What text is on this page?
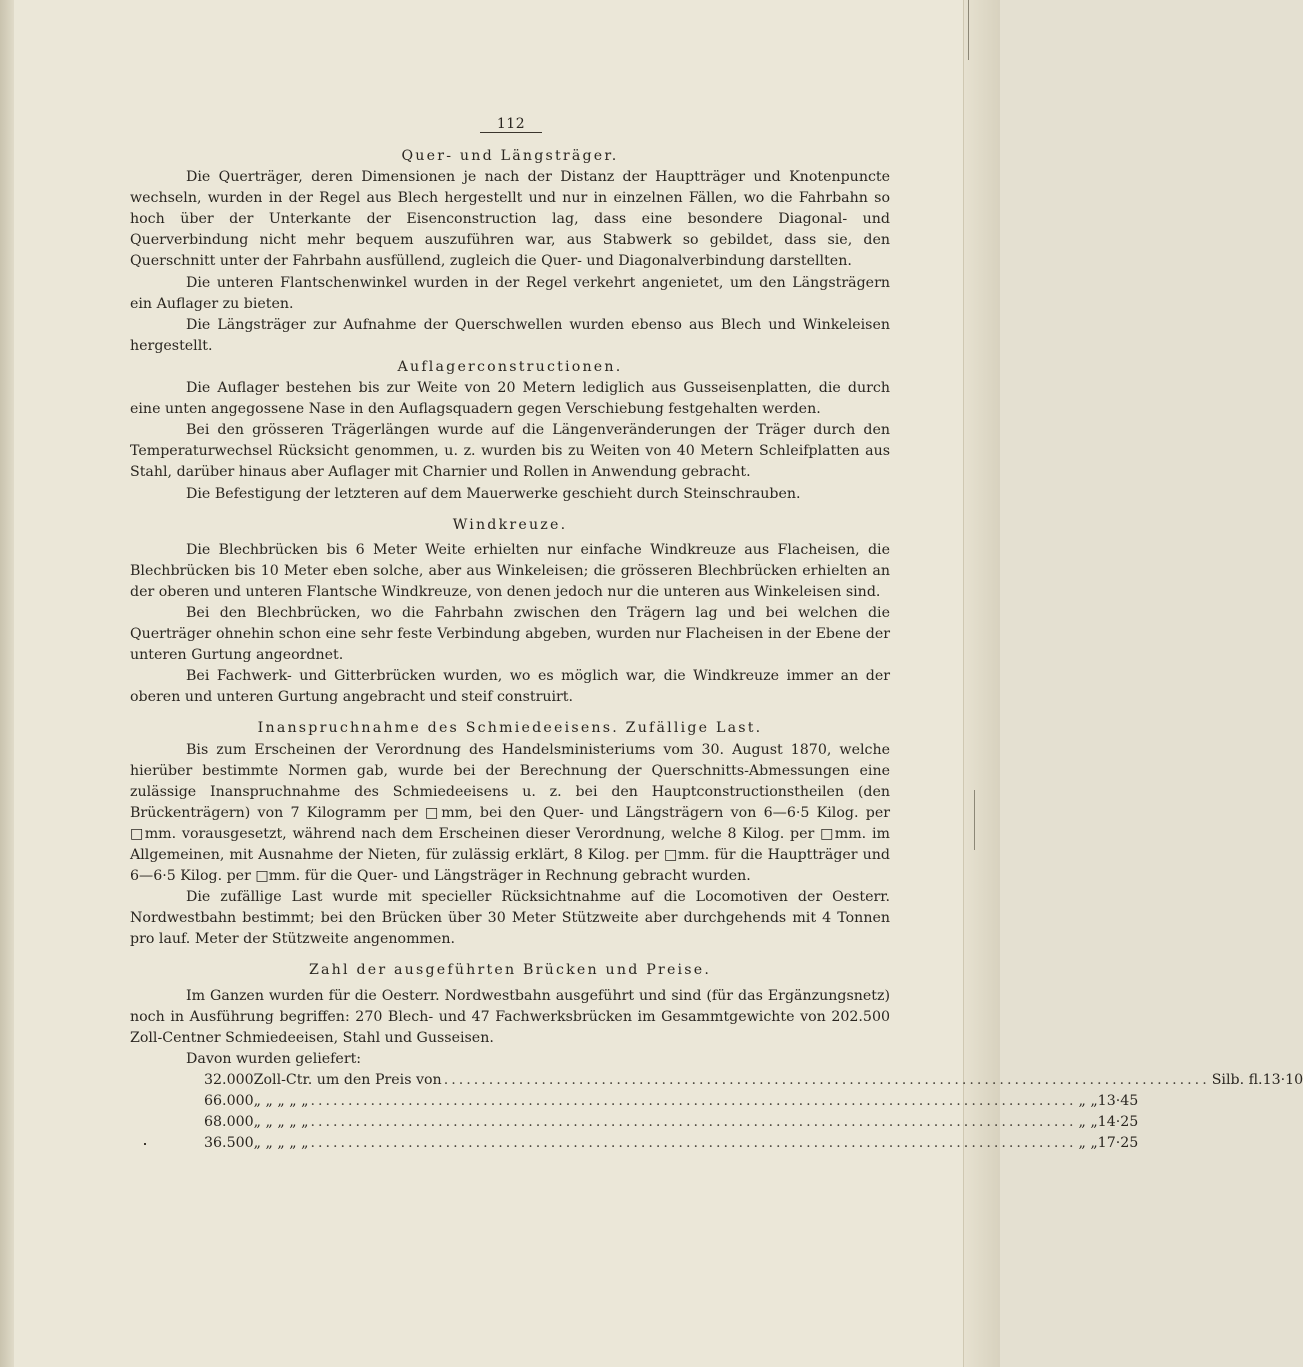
112
Quer- und Längsträger.

Die Querträger, deren Dimensionen je nach der Distanz der Hauptträger und Knotenpuncte wechseln, wurden in der Regel aus Blech hergestellt und nur in einzelnen Fällen, wo die Fahrbahn so hoch über der Unterkante der Eisenconstruction lag, dass eine besondere Diagonal- und Querverbindung nicht mehr bequem auszuführen war, aus Stabwerk so gebildet, dass sie, den Querschnitt unter der Fahrbahn ausfüllend, zugleich die Quer- und Diagonalverbindung darstellten.

Die unteren Flantschenwinkel wurden in der Regel verkehrt angenietet, um den Längsträgern ein Auflager zu bieten.

Die Längsträger zur Aufnahme der Querschwellen wurden ebenso aus Blech und Winkeleisen hergestellt.

Auflagerconstructionen.

Die Auflager bestehen bis zur Weite von 20 Metern lediglich aus Gusseisenplatten, die durch eine unten angegossene Nase in den Auflagsquadern gegen Verschiebung festgehalten werden.

Bei den grösseren Trägerlängen wurde auf die Längenveränderungen der Träger durch den Temperaturwechsel Rücksicht genommen, u. z. wurden bis zu Weiten von 40 Metern Schleifplatten aus Stahl, darüber hinaus aber Auflager mit Charnier und Rollen in Anwendung gebracht.

Die Befestigung der letzteren auf dem Mauerwerke geschieht durch Steinschrauben.

Windkreuze.

Die Blechbrücken bis 6 Meter Weite erhielten nur einfache Windkreuze aus Flacheisen, die Blechbrücken bis 10 Meter eben solche, aber aus Winkeleisen; die grösseren Blechbrücken erhielten an der oberen und unteren Flantsche Windkreuze, von denen jedoch nur die unteren aus Winkeleisen sind.

Bei den Blechbrücken, wo die Fahrbahn zwischen den Trägern lag und bei welchen die Querträger ohnehin schon eine sehr feste Verbindung abgeben, wurden nur Flacheisen in der Ebene der unteren Gurtung angeordnet.

Bei Fachwerk- und Gitterbrücken wurden, wo es möglich war, die Windkreuze immer an der oberen und unteren Gurtung angebracht und steif construirt.

Inanspruchnahme des Schmiedeeisens. Zufällige Last.

Bis zum Erscheinen der Verordnung des Handelsministeriums vom 30. August 1870, welche hierüber bestimmte Normen gab, wurde bei der Berechnung der Querschnitts-Abmessungen eine zulässige Inanspruchnahme des Schmiedeeisens u. z. bei den Hauptconstructionstheilen (den Brückenträgern) von 7 Kilogramm per □mm, bei den Quer- und Längsträgern von 6—6·5 Kilog. per □mm. vorausgesetzt, während nach dem Erscheinen dieser Verordnung, welche 8 Kilog. per □mm. im Allgemeinen, mit Ausnahme der Nieten, für zulässig erklärt, 8 Kilog. per □mm. für die Hauptträger und 6—6·5 Kilog. per □mm. für die Quer- und Längsträger in Rechnung gebracht wurden.

Die zufällige Last wurde mit specieller Rücksichtnahme auf die Locomotiven der Oesterr. Nordwestbahn bestimmt; bei den Brücken über 30 Meter Stützweite aber durchgehends mit 4 Tonnen pro lauf. Meter der Stützweite angenommen.

Zahl der ausgeführten Brücken und Preise.

Im Ganzen wurden für die Oesterr. Nordwestbahn ausgeführt und sind (für das Ergänzungsnetz) noch in Ausführung begriffen: 270 Blech- und 47 Fachwerksbrücken im Gesammtgewichte von 202.500 Zoll-Centner Schmiedeeisen, Stahl und Gusseisen.

Davon wurden geliefert:

32.000 Zoll-Ctr. um den Preis von ...................................................................................................... Silb. fl. 13·10
66.000 „ „ „ „ „ ...................................................................................................... „ „ 13·45
68.000 „ „ „ „ „ ...................................................................................................... „ „ 14·25
36.500 „ „ „ „ „ ...................................................................................................... „ „ 17·25
